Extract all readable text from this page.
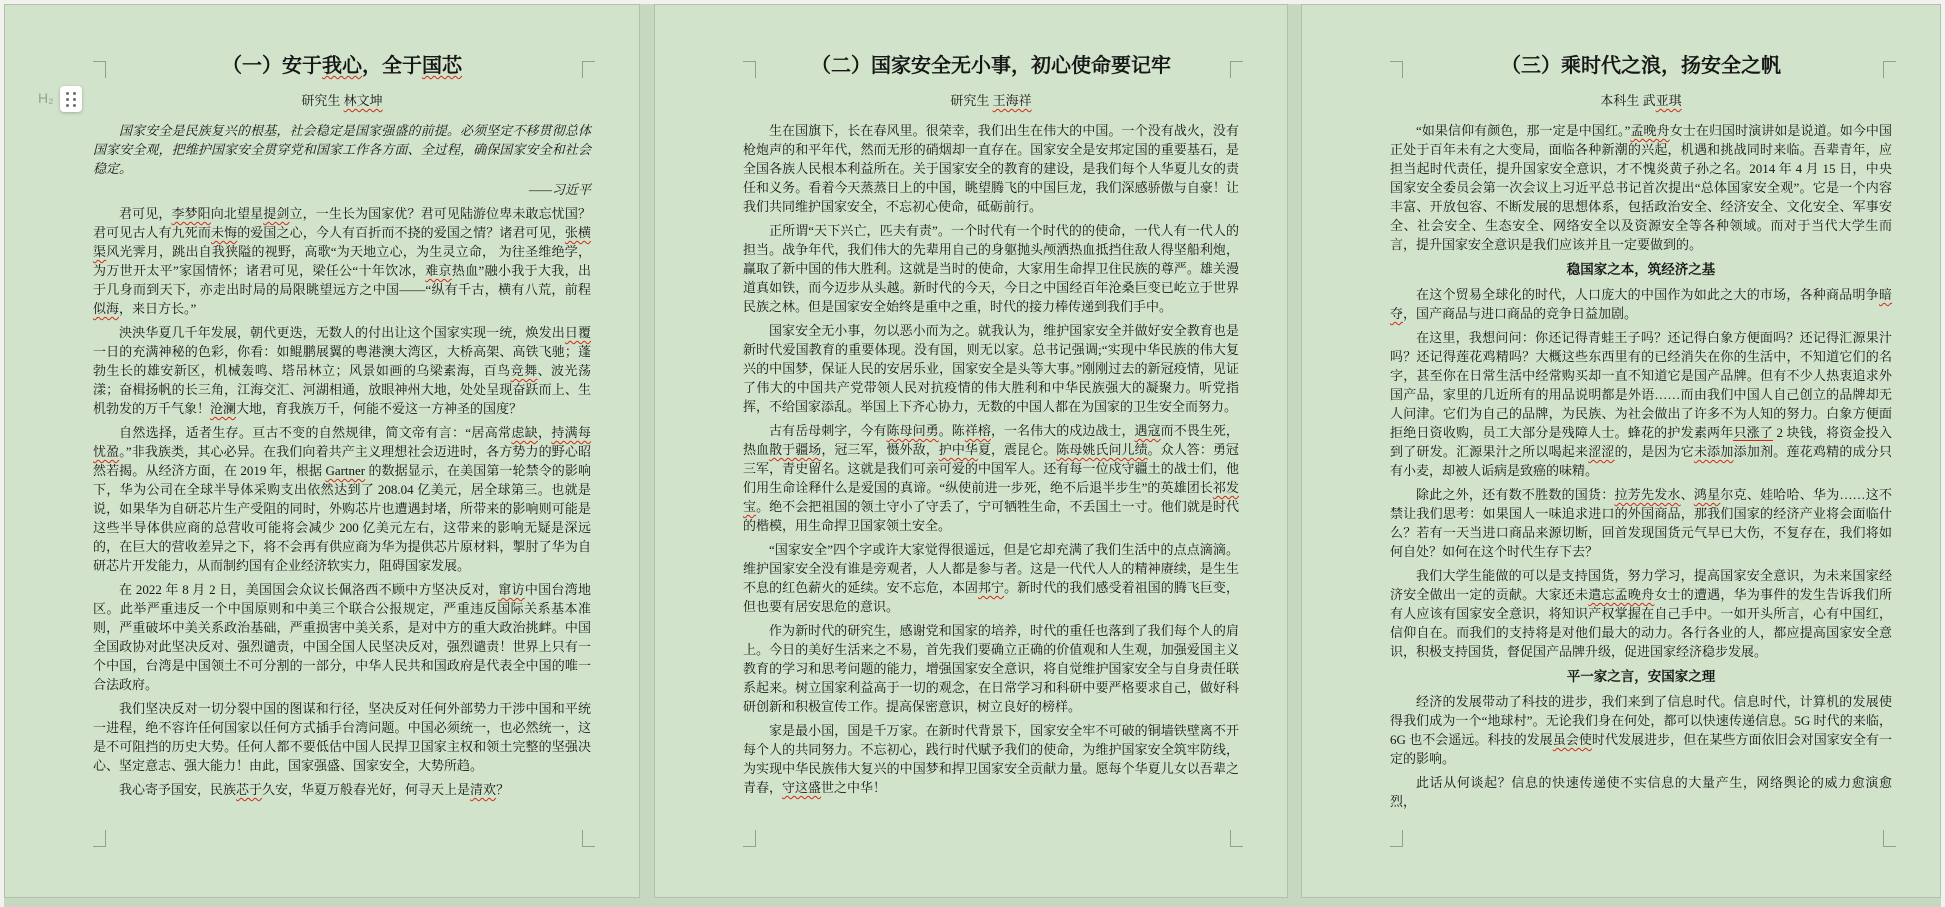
（一）安于我心，全于国芯
研究生 林文坤
国家安全是民族复兴的根基，社会稳定是国家强盛的前提。必须坚定不移贯彻总体国家安全观，把维护国家安全贯穿党和国家工作各方面、全过程，确保国家安全和社会稳定。
——习近平
君可见，李梦阳向北望星提剑立，一生长为国家优？君可见陆游位卑未敢忘忧国？君可见古人有九死而未悔的爱国之心，今人有百折而不挠的爱国之情？诸君可见，张横渠风光霁月，跳出自我狭隘的视野，高歌“为天地立心，为生灵立命， 为往圣维绝学，为万世开太平”家国情怀；诸君可见，梁任公“十年饮冰，难京热血”融小我于大我，出于几身而到天下，亦走出时局的局限眺望远方之中国——“纵有千古，横有八荒，前程似海，来日方长。”
泱泱华夏几千年发展，朝代更迭，无数人的付出让这个国家实现一统，焕发出日覆一日的充满神秘的色彩，你看：如鲲鹏展翼的粤港澳大湾区，大桥高架、高铁飞驰；蓬勃生长的雄安新区，机械轰鸣、塔吊林立；风景如画的乌梁素海，百鸟竞舞、波光荡漾；奋楫扬帆的长三角，江海交汇、河湖相通，放眼神州大地，处处呈现奋跃而上、生机勃发的万千气象！沧澜大地，育我族万千，何能不爱这一方神圣的国度？
自然选择，适者生存。亘古不变的自然规律，简文帝有言：“居高常虑缺，持满每忧盈。”非我族类，其心必异。在我们向着共产主义理想社会迈进时，各方势力的野心昭然若揭。从经济方面，在 2019 年，根据 Gartner 的数据显示，在美国第一轮禁令的影响下，华为公司在全球半导体采购支出依然达到了 208.04 亿美元，居全球第三。也就是说，如果华为自研芯片生产受阻的同时，外购芯片也遭遇封堵，所带来的影响则可能是这些半导体供应商的总营收可能将会减少 200 亿美元左右，这带来的影响无疑是深远的，在巨大的营收差异之下，将不会再有供应商为华为提供芯片原材料，掣肘了华为自研芯片开发能力，从而制约国有企业经济软实力，阻碍国家发展。
在 2022 年 8 月 2 日，美国国会众议长佩洛西不顾中方坚决反对，窜访中国台湾地区。此举严重违反一个中国原则和中美三个联合公报规定，严重违反国际关系基本准则，严重破坏中美关系政治基础，严重损害中美关系，是对中方的重大政治挑衅。中国全国政协对此坚决反对、强烈谴责，中国全国人民坚决反对，强烈谴责！世界上只有一个中国，台湾是中国领土不可分割的一部分，中华人民共和国政府是代表全中国的唯一合法政府。
我们坚决反对一切分裂中国的图谋和行径，坚决反对任何外部势力干涉中国和平统一进程，绝不容许任何国家以任何方式插手台湾问题。中国必须统一，也必然统一，这是不可阻挡的历史大势。任何人都不要低估中国人民捍卫国家主权和领土完整的坚强决心、坚定意志、强大能力！由此，国家强盛、国家安全，大势所趋。
我心寄予国安，民族芯于久安，华夏万般春光好，何寻天上是清欢？
（二）国家安全无小事，初心使命要记牢
研究生 王海祥
生在国旗下，长在春风里。很荣幸，我们出生在伟大的中国。一个没有战火，没有枪炮声的和平年代，然而无形的硝烟却一直存在。国家安全是安邦定国的重要基石，是全国各族人民根本利益所在。关于国家安全的教育的建设，是我们每个人华夏儿女的责任和义务。看着今天蒸蒸日上的中国，眺望腾飞的中国巨龙，我们深感骄傲与自豪！让我们共同维护国家安全，不忘初心使命，砥砺前行。
正所谓“天下兴亡，匹夫有责”。一个时代有一个时代的的使命，一代人有一代人的担当。战争年代，我们伟大的先辈用自己的身躯抛头颅洒热血抵挡住敌人得坚船利炮，赢取了新中国的伟大胜利。这就是当时的使命，大家用生命捍卫住民族的尊严。雄关漫道真如铁，而今迈步从头越。新时代的今天，今日之中国经百年沧桑巨变已屹立于世界民族之林。但是国家安全始终是重中之重，时代的接力棒传递到我们手中。
国家安全无小事，勿以恶小而为之。就我认为，维护国家安全并做好安全教育也是新时代爱国教育的重要体现。没有国，则无以家。总书记强调;“实现中华民族的伟大复兴的中国梦，保证人民的安居乐业，国家安全是头等大事。”刚刚过去的新冠疫情，见证了伟大的中国共产党带领人民对抗疫情的伟大胜利和中华民族强大的凝聚力。听党指挥，不给国家添乱。举国上下齐心协力，无数的中国人都在为国家的卫生安全而努力。
古有岳母刺字，今有陈母问勇。陈祥榕，一名伟大的戍边战士，遇寇而不畏生死，热血散于疆场，冠三军，慑外敌，护中华夏，震昆仑。陈母姚氏问儿绩。众人答：勇冠三军，青史留名。这就是我们可亲可爱的中国军人。还有每一位戍守疆土的战士们，他们用生命诠释什么是爱国的真谛。“纵使前进一步死，绝不后退半步生”的英雄团长祁发宝。绝不会把祖国的领土守小了守丢了，宁可牺牲生命，不丢国土一寸。他们就是时代的楷模，用生命捍卫国家领土安全。
“国家安全”四个字或许大家觉得很遥远，但是它却充满了我们生活中的点点滴滴。维护国家安全没有谁是旁观者，人人都是参与者。这是一代代人人的精神赓续，是生生不息的红色薪火的延续。安不忘危，本固邦宁。新时代的我们感受着祖国的腾飞巨变，但也要有居安思危的意识。
作为新时代的研究生，感谢党和国家的培养，时代的重任也落到了我们每个人的肩上。今日的美好生活来之不易，首先我们要确立正确的价值观和人生观，加强爱国主义教育的学习和思考问题的能力，增强国家安全意识，将自觉维护国家安全与自身责任联系起来。树立国家利益高于一切的观念，在日常学习和科研中要严格要求自己，做好科研创新和积极宣传工作。提高保密意识，树立良好的榜样。
家是最小国，国是千万家。在新时代背景下，国家安全牢不可破的铜墙铁壁离不开每个人的共同努力。不忘初心，践行时代赋予我们的使命，为维护国家安全筑牢防线，为实现中华民族伟大复兴的中国梦和捍卫国家安全贡献力量。愿每个华夏儿女以吾辈之青春，守这盛世之中华！
（三）乘时代之浪，扬安全之帆
本科生 武亚琪
“如果信仰有颜色，那一定是中国红。”孟晚舟女士在归国时演讲如是说道。如今中国正处于百年未有之大变局，面临各种新潮的兴起，机遇和挑战同时来临。吾辈青年，应担当起时代责任，提升国家安全意识，才不愧炎黄子孙之名。2014 年 4 月 15 日，中央国家安全委员会第一次会议上习近平总书记首次提出“总体国家安全观”。它是一个内容丰富、开放包容、不断发展的思想体系，包括政治安全、经济安全、文化安全、军事安全、社会安全、生态安全、网络安全以及资源安全等各种领域。而对于当代大学生而言，提升国家安全意识是我们应该并且一定要做到的。
稳国家之本，筑经济之基
在这个贸易全球化的时代，人口庞大的中国作为如此之大的市场，各种商品明争暗夺，国产商品与进口商品的竞争日益加剧。
在这里，我想问问：你还记得青蛙王子吗？还记得白象方便面吗？还记得汇源果汁吗？还记得莲花鸡精吗？大概这些东西里有的已经消失在你的生活中，不知道它们的名字，甚至你在日常生活中经常购买却一直不知道它是国产品牌。但有不少人热衷追求外国产品，家里的几近所有的用品说明都是外语……而由我们中国人自己创立的品牌却无人问津。它们为自己的品牌，为民族、为社会做出了许多不为人知的努力。白象方便面拒绝日资收购，员工大部分是残障人士。蜂花的护发素两年只涨了 2 块钱，将资金投入到了研发。汇源果汁之所以喝起来涩涩的，是因为它未添加添加剂。莲花鸡精的成分只有小麦，却被人诟病是致癌的味精。
除此之外，还有数不胜数的国货：拉芳先发水、鸿星尔克、娃哈哈、华为……这不禁让我们思考：如果国人一味追求进口的外国商品，那我们国家的经济产业将会面临什么？若有一天当进口商品来源切断，回首发现国货元气早已大伤，不复存在，我们将如何自处？如何在这个时代生存下去？
我们大学生能做的可以是支持国货，努力学习，提高国家安全意识，为未来国家经济安全做出一定的贡献。大家还未遣忘孟晚舟女士的遭遇，华为事件的发生告诉我们所有人应该有国家安全意识，将知识产权掌握在自己手中。一如开头所言，心有中国红，信仰自在。而我们的支持将是对他们最大的动力。各行各业的人，都应提高国家安全意识，积极支持国货，督促国产品牌升级，促进国家经济稳步发展。
平一家之言，安国家之理
经济的发展带动了科技的进步，我们来到了信息时代。信息时代，计算机的发展使得我们成为一个“地球村”。无论我们身在何处，都可以快速传递信息。5G 时代的来临，6G 也不会遥远。科技的发展虽会使时代发展进步，但在某些方面依旧会对国家安全有一定的影响。
此话从何谈起？信息的快速传递使不实信息的大量产生，网络舆论的威力愈演愈烈，
H₂
